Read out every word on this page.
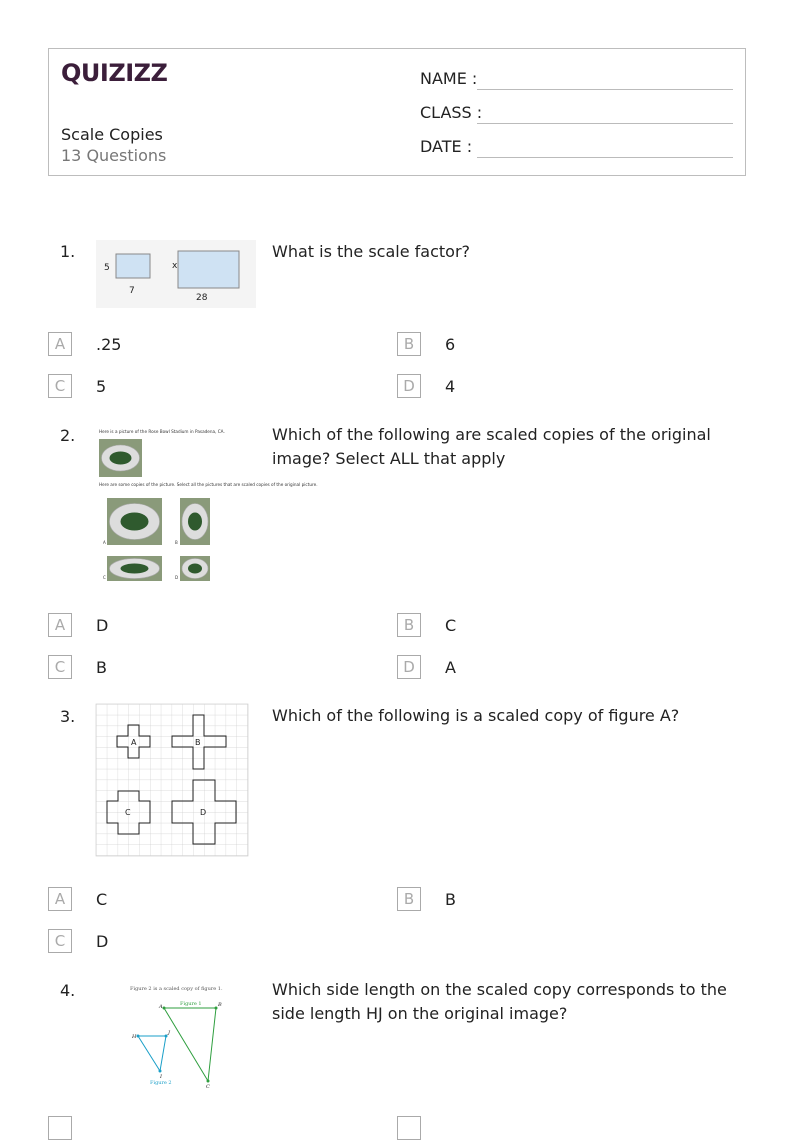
QUIZIZZ
Scale Copies
13 Questions
NAME :
CLASS :
DATE :
1.
5
7
x
28
What is the scale factor?
A	.25	B	6
C	5	D	4
2.	Here is a picture of the Rose Bowl Stadium in Pasadena, CA.
Here are some copies of the picture. Select all the pictures that are scaled copies of the original picture.
A	B
C	D
Which of the following are scaled copies of the original image? Select ALL that apply
A	D	B	C
C	B	D	A
3.
A	B
C	D
Which of the following is a scaled copy of figure A?
A	C	B	B
C	D
4.	Figure 2 is a scaled copy of figure 1.
Figure 1
A	B
C
H
J
I
Figure 2
Which side length on the scaled copy corresponds to the side length HJ on the original image?
